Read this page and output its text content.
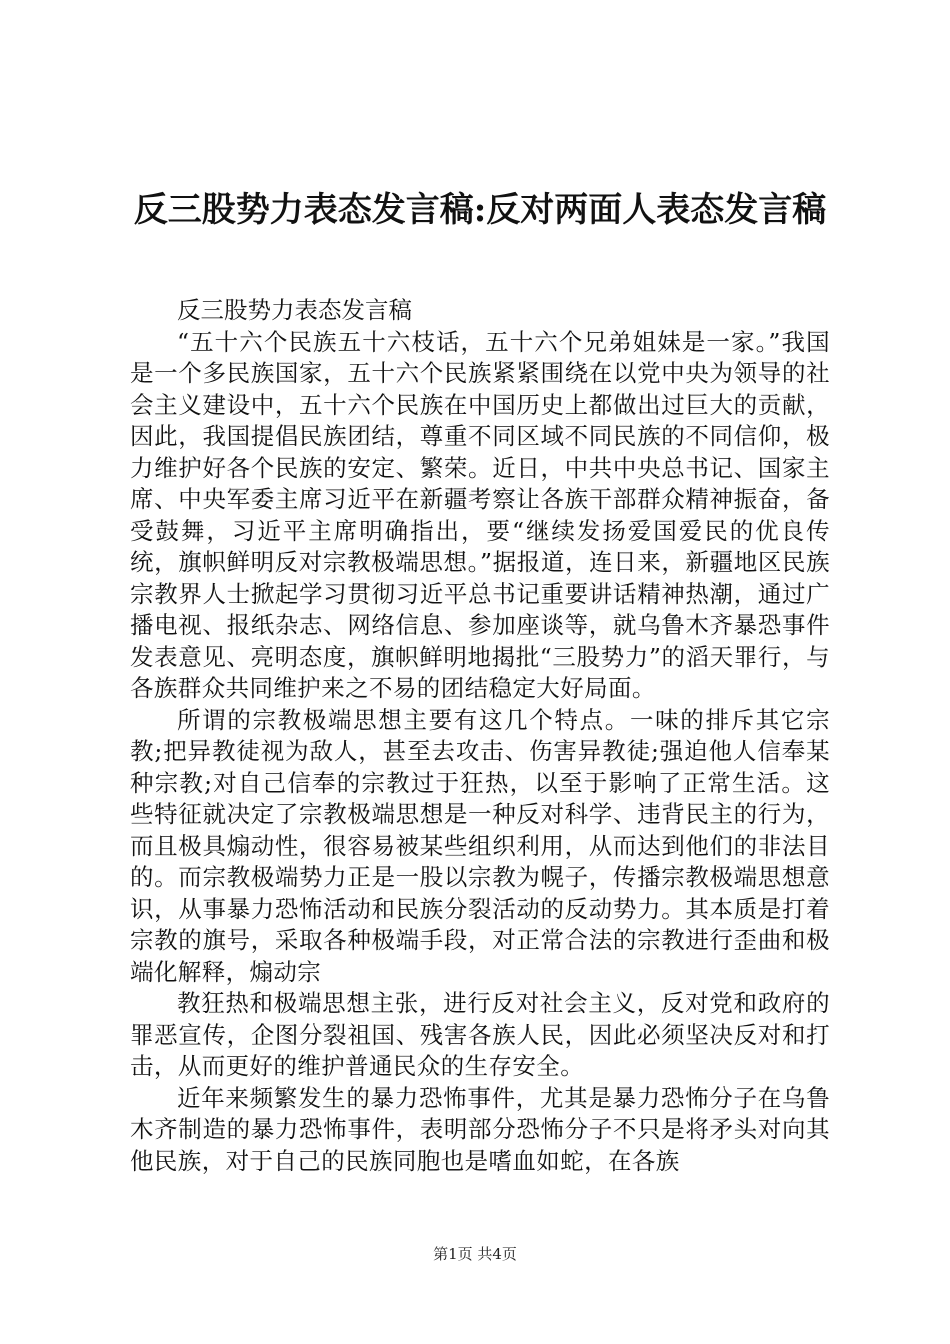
反三股势力表态发言稿:反对两面人表态发言稿

反三股势力表态发言稿

“五十六个民族五十六枝话，五十六个兄弟姐妹是一家。”我国是一个多民族国家，五十六个民族紧紧围绕在以党中央为领导的社会主义建设中，五十六个民族在中国历史上都做出过巨大的贡献，因此，我国提倡民族团结，尊重不同区域不同民族的不同信仰，极力维护好各个民族的安定、繁荣。近日，中共中央总书记、国家主席、中央军委主席习近平在新疆考察让各族干部群众精神振奋，备受鼓舞，习近平主席明确指出，要“继续发扬爱国爱民的优良传统，旗帜鲜明反对宗教极端思想。”据报道，连日来，新疆地区民族宗教界人士掀起学习贯彻习近平总书记重要讲话精神热潮，通过广播电视、报纸杂志、网络信息、参加座谈等，就乌鲁木齐暴恐事件发表意见、亮明态度，旗帜鲜明地揭批“三股势力”的滔天罪行，与各族群众共同维护来之不易的团结稳定大好局面。

所谓的宗教极端思想主要有这几个特点。一味的排斥其它宗教;把异教徒视为敌人，甚至去攻击、伤害异教徒;强迫他人信奉某种宗教;对自己信奉的宗教过于狂热，以至于影响了正常生活。这些特征就决定了宗教极端思想是一种反对科学、违背民主的行为，而且极具煽动性，很容易被某些组织利用，从而达到他们的非法目的。而宗教极端势力正是一股以宗教为幌子，传播宗教极端思想意识，从事暴力恐怖活动和民族分裂活动的反动势力。其本质是打着宗教的旗号，采取各种极端手段，对正常合法的宗教进行歪曲和极端化解释，煽动宗

教狂热和极端思想主张，进行反对社会主义，反对党和政府的罪恶宣传，企图分裂祖国、残害各族人民，因此必须坚决反对和打击，从而更好的维护普通民众的生存安全。

近年来频繁发生的暴力恐怖事件，尤其是暴力恐怖分子在乌鲁木齐制造的暴力恐怖事件，表明部分恐怖分子不只是将矛头对向其他民族，对于自己的民族同胞也是嗜血如蛇，在各族

第1页 共4页
